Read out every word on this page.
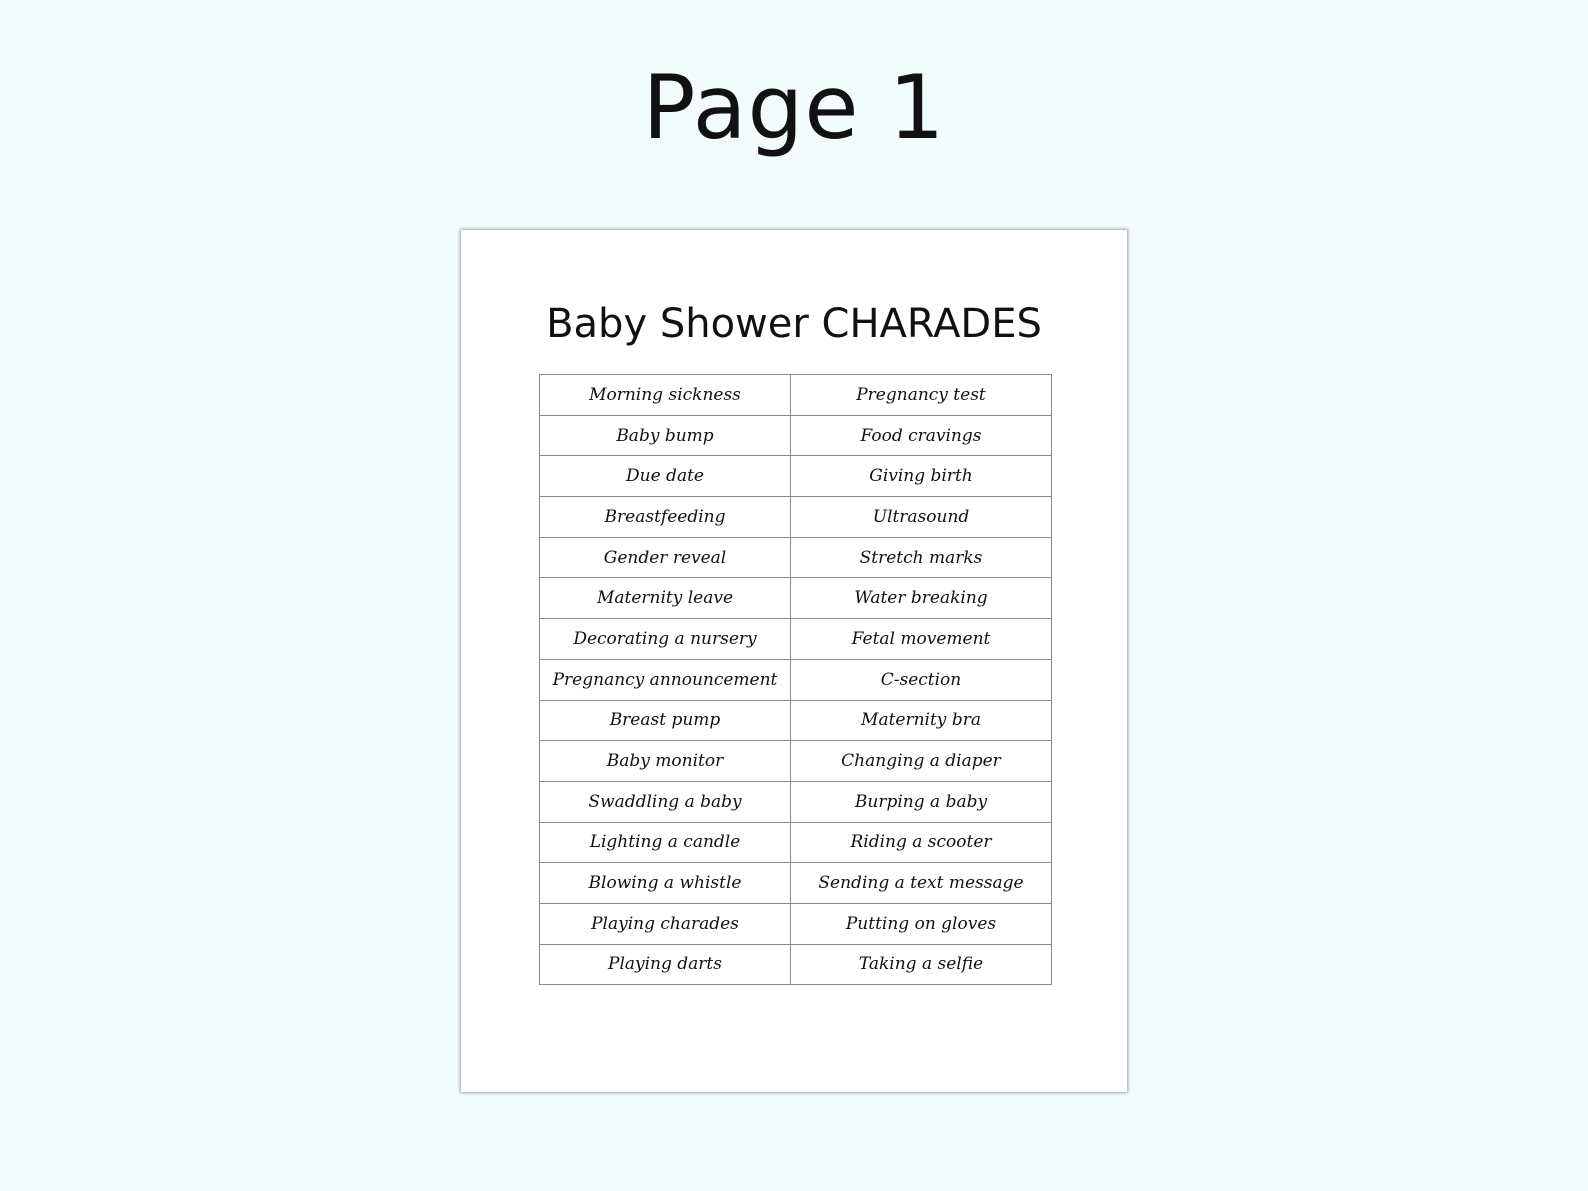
Page 1
Baby Shower CHARADES
Morning sickness	Pregnancy test
Baby bump	Food cravings
Due date	Giving birth
Breastfeeding	Ultrasound
Gender reveal	Stretch marks
Maternity leave	Water breaking
Decorating a nursery	Fetal movement
Pregnancy announcement	C-section
Breast pump	Maternity bra
Baby monitor	Changing a diaper
Swaddling a baby	Burping a baby
Lighting a candle	Riding a scooter
Blowing a whistle	Sending a text message
Playing charades	Putting on gloves
Playing darts	Taking a selfie
